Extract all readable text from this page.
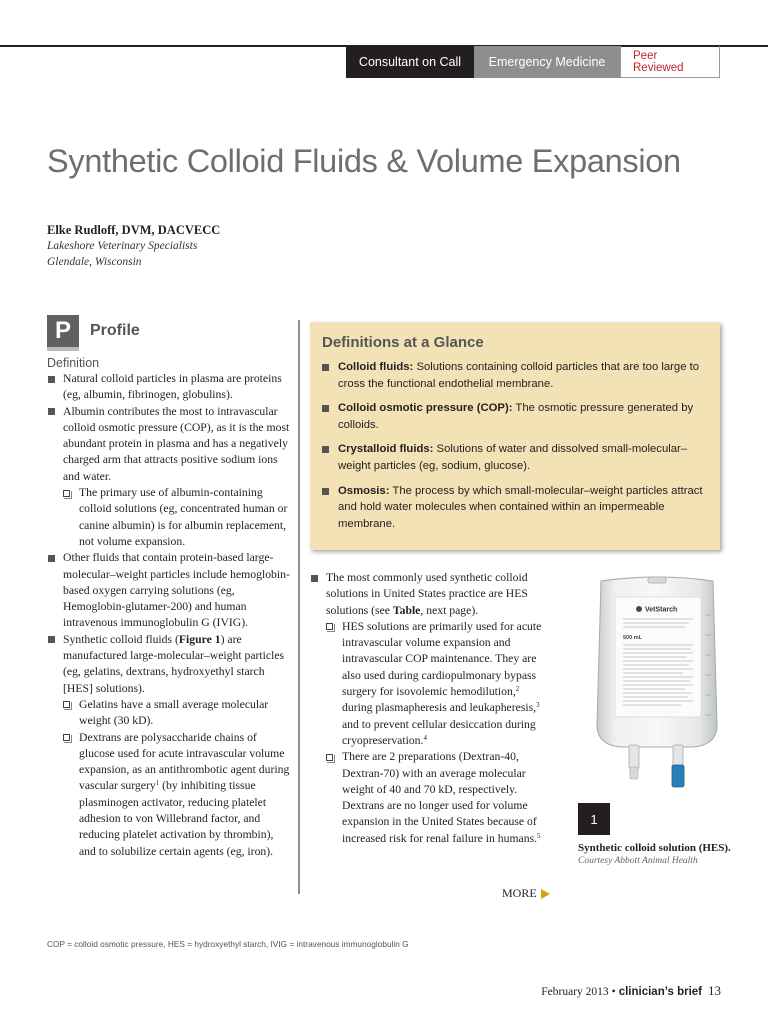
Consultant on Call	Emergency Medicine	Peer Reviewed
Synthetic Colloid Fluids & Volume Expansion
Elke Rudloff, DVM, DACVECC
Lakeshore Veterinary Specialists
Glendale, Wisconsin
P	Profile
Definition
Natural colloid particles in plasma are proteins (eg, albumin, fibrinogen, globulins).
Albumin contributes the most to intravascular colloid osmotic pressure (COP), as it is the most abundant protein in plasma and has a negatively charged arm that attracts positive sodium ions and water.
The primary use of albumin-containing colloid solutions (eg, concentrated human or canine albumin) is for albumin replacement, not volume expansion.
Other fluids that contain protein-based large-molecular–weight particles include hemoglobin-based oxygen carrying solutions (eg, Hemoglobin-glutamer-200) and human intravenous immunoglobulin G (IVIG).
Synthetic colloid fluids (Figure 1) are manufactured large-molecular–weight particles (eg, gelatins, dextrans, hydroxyethyl starch [HES] solutions).
Gelatins have a small average molecular weight (30 kD).
Dextrans are polysaccharide chains of glucose used for acute intravascular volume expansion, as an antithrombotic agent during vascular surgery$^1$ (by inhibiting tissue plasminogen activator, reducing platelet adhesion to von Willebrand factor, and reducing platelet activation by thrombin), and to solubilize certain agents (eg, iron).
Definitions at a Glance
Colloid fluids: Solutions containing colloid particles that are too large to cross the functional endothelial membrane.
Colloid osmotic pressure (COP): The osmotic pressure generated by colloids.
Crystalloid fluids: Solutions of water and dissolved small-molecular–weight particles (eg, sodium, glucose).
Osmosis: The process by which small-molecular–weight particles attract and hold water molecules when contained within an impermeable membrane.
The most commonly used synthetic colloid solutions in United States practice are HES solutions (see Table, next page).
HES solutions are primarily used for acute intravascular volume expansion and intravascular COP maintenance. They are also used during cardiopulmonary bypass surgery for isovolemic hemodilution,$^2$ during plasmapheresis and leukapheresis,$^3$ and to prevent cellular desiccation during cryopreservation.$^4$
There are 2 preparations (Dextran-40, Dextran-70) with an average molecular weight of 40 and 70 kD, respectively. Dextrans are no longer used for volume expansion in the United States because of increased risk for renal failure in humans.$^5$
VetStarch
500 mL
1
Synthetic colloid solution (HES).
Courtesy Abbott Animal Health
MORE
COP = colloid osmotic pressure, HES = hydroxyethyl starch, IVIG = intravenous immunoglobulin G
February 2013 • clinician’s brief 13
